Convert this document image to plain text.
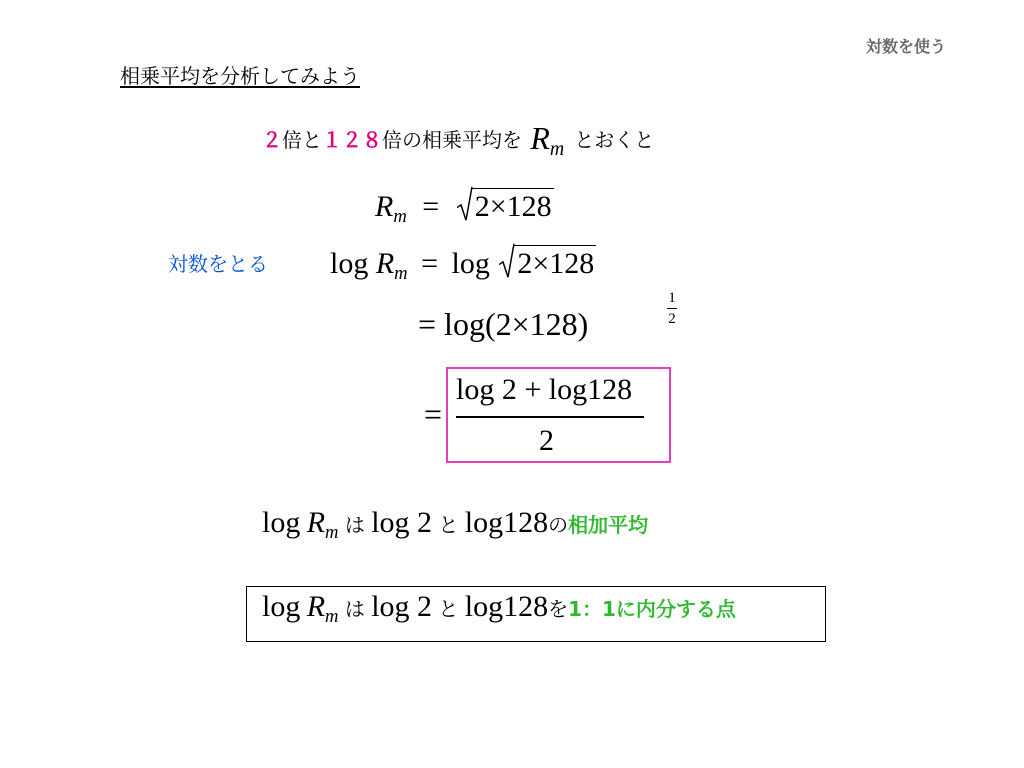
対数を使う
相乗平均を分析してみよう
２倍と１２８倍の相乗平均を Rm とおくと
Rm = 2×128
対数をとる log Rm = log 2×128
= log(2×128)
1
2
=
log 2 + log128
2
log Rm は log 2 と log128の相加平均
log Rm は log 2 と log128を1：1に内分する点
